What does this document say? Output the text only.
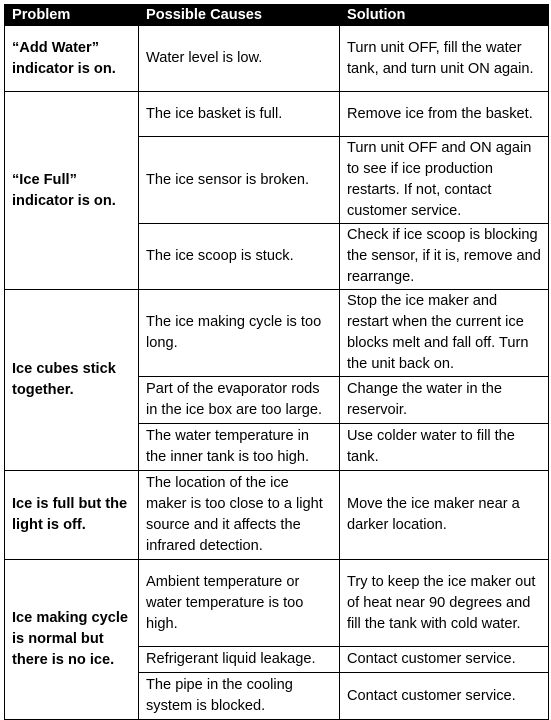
Problem	Possible Causes	Solution
“Add Water” indicator is on.	Water level is low.	Turn unit OFF, fill the water tank, and turn unit ON again.
“Ice Full” indicator is on.	The ice basket is full.	Remove ice from the basket.
	The ice sensor is broken.	Turn unit OFF and ON again to see if ice production restarts. If not, contact customer service.
	The ice scoop is stuck.	Check if ice scoop is blocking the sensor, if it is, remove and rearrange.
Ice cubes stick together.	The ice making cycle is too long.	Stop the ice maker and restart when the current ice blocks melt and fall off. Turn the unit back on.
	Part of the evaporator rods in the ice box are too large.	Change the water in the reservoir.
	The water temperature in the inner tank is too high.	Use colder water to fill the tank.
Ice is full but the light is off.	The location of the ice maker is too close to a light source and it affects the infrared detection.	Move the ice maker near a darker location.
Ice making cycle is normal but there is no ice.	Ambient temperature or water temperature is too high.	Try to keep the ice maker out of heat near 90 degrees and fill the tank with cold water.
	Refrigerant liquid leakage.	Contact customer service.
	The pipe in the cooling system is blocked.	Contact customer service.
